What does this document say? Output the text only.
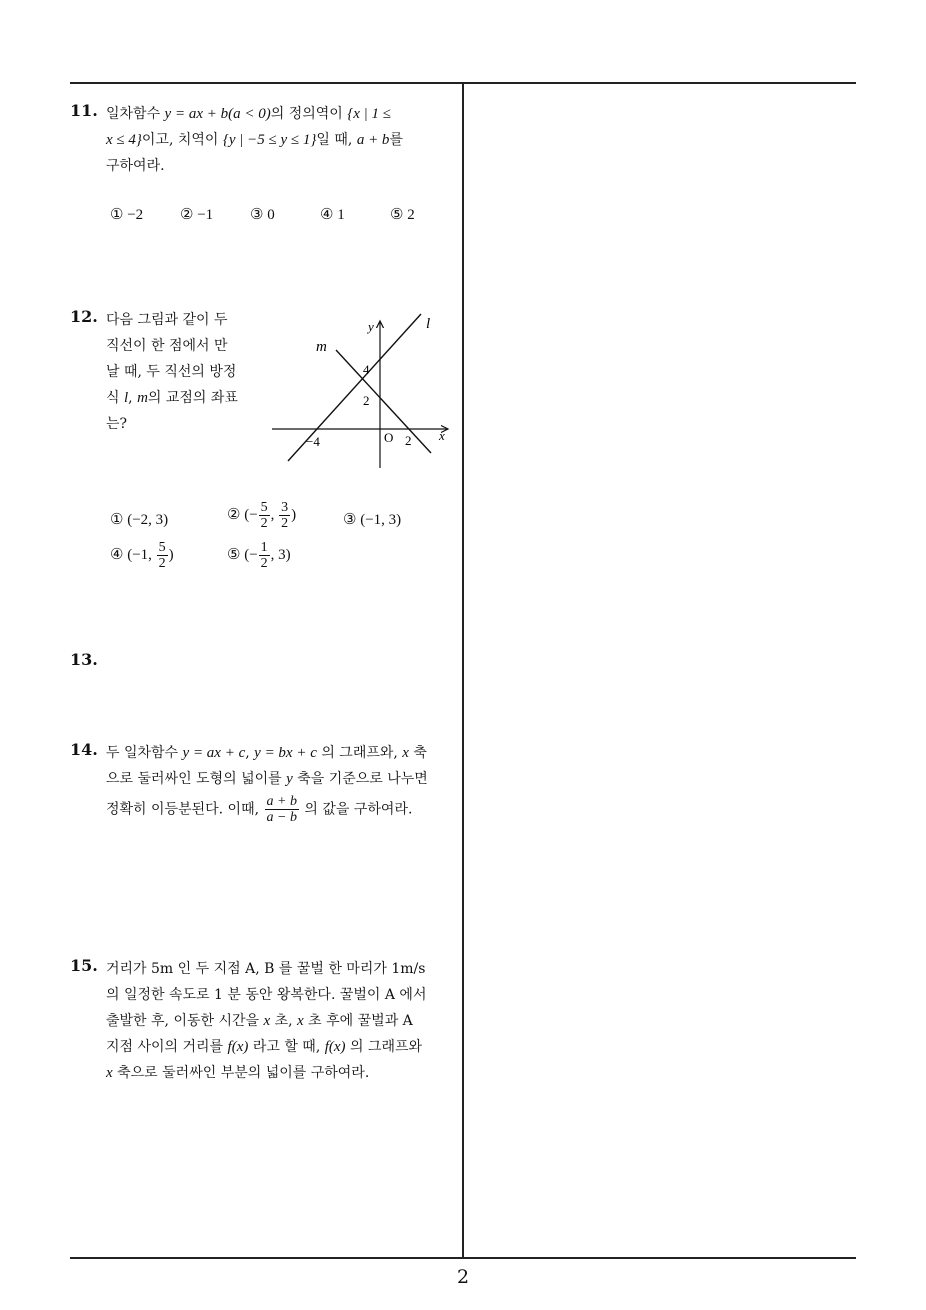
11. 일차함수 y = ax + b(a < 0)의 정의역이 {x | 1 ≤
x ≤ 4}이고, 치역이 {y | −5 ≤ y ≤ 1}일 때, a + b를
구하여라.
① −2 ② −1 ③ 0	④ 1	⑤ 2
12. 다음 그림과 같이 두
직선이 한 점에서 만
날 때, 두 직선의 방정
식 l, m의 교점의 좌표
는?
y
x
l
m
4
2
O 2
−4
① (−2, 3)	② (− $\frac{5}{2}$ , $\frac{3}{2}$ )	③ (−1, 3)
④ (−1, $\frac{5}{2}$ )	⑤ (− $\frac{1}{2}$ , 3)
13.
14. 두 일차함수 y = ax + c, y = bx + c 의 그래프와, x 축
으로 둘러싸인 도형의 넓이를 y 축을 기준으로 나누면
정확히 이등분된다. 이때, $\frac{a + b}{a - b}$ 의 값을 구하여라.
15. 거리가 5m 인 두 지점 A, B 를 꿀벌 한 마리가 1m/s
의 일정한 속도로 1 분 동안 왕복한다. 꿀벌이 A 에서
출발한 후, 이동한 시간을 x 초, x 초 후에 꿀벌과 A
지점 사이의 거리를 f(x) 라고 할 때, f(x) 의 그래프와
x 축으로 둘러싸인 부분의 넓이를 구하여라.
2
